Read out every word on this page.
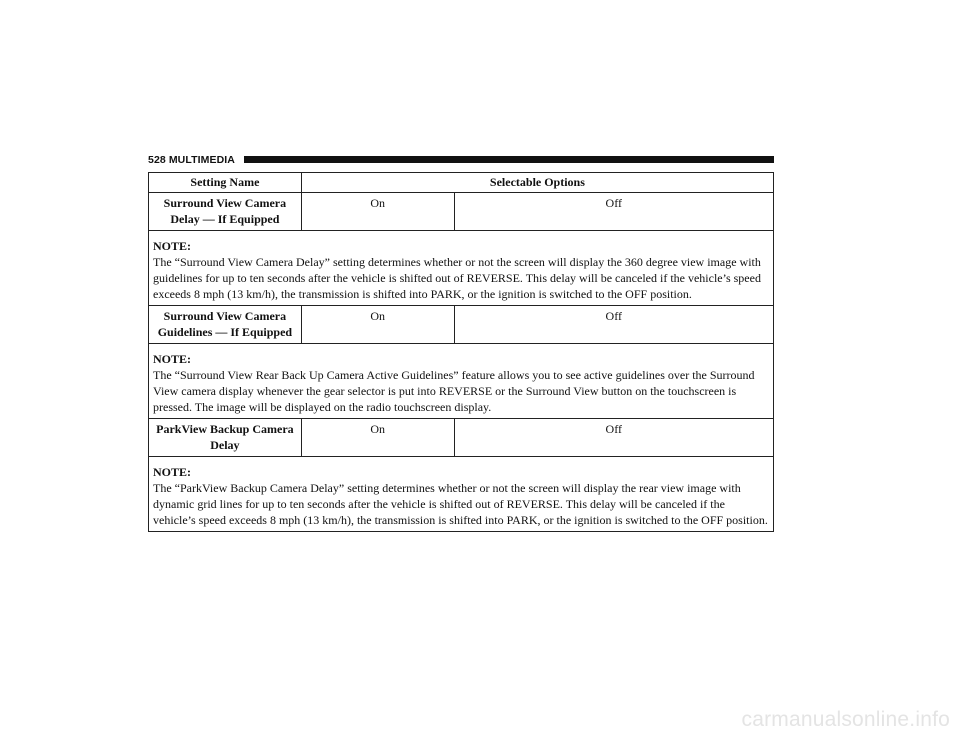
528 MULTIMEDIA
Setting Name	Selectable Options	
Surround View Camera Delay — If Equipped	On	Off

NOTE:
The “Surround View Camera Delay” setting determines whether or not the screen will display the 360 degree view image with guidelines for up to ten seconds after the vehicle is shifted out of REVERSE. This delay will be canceled if the vehicle’s speed exceeds 8 mph (13 km/h), the transmission is shifted into PARK, or the ignition is switched to the OFF position.		

Surround View Camera Guidelines — If Equipped	On	Off

NOTE:
The “Surround View Rear Back Up Camera Active Guidelines” feature allows you to see active guidelines over the Surround View camera display whenever the gear selector is put into REVERSE or the Surround View button on the touchscreen is pressed. The image will be displayed on the radio touchscreen display.		

ParkView Backup Camera Delay	On	Off

NOTE:
The “ParkView Backup Camera Delay” setting determines whether or not the screen will display the rear view image with dynamic grid lines for up to ten seconds after the vehicle is shifted out of REVERSE. This delay will be canceled if the vehicle’s speed exceeds 8 mph (13 km/h), the transmission is shifted into PARK, or the ignition is switched to the OFF position.		
carmanualsonline.info
